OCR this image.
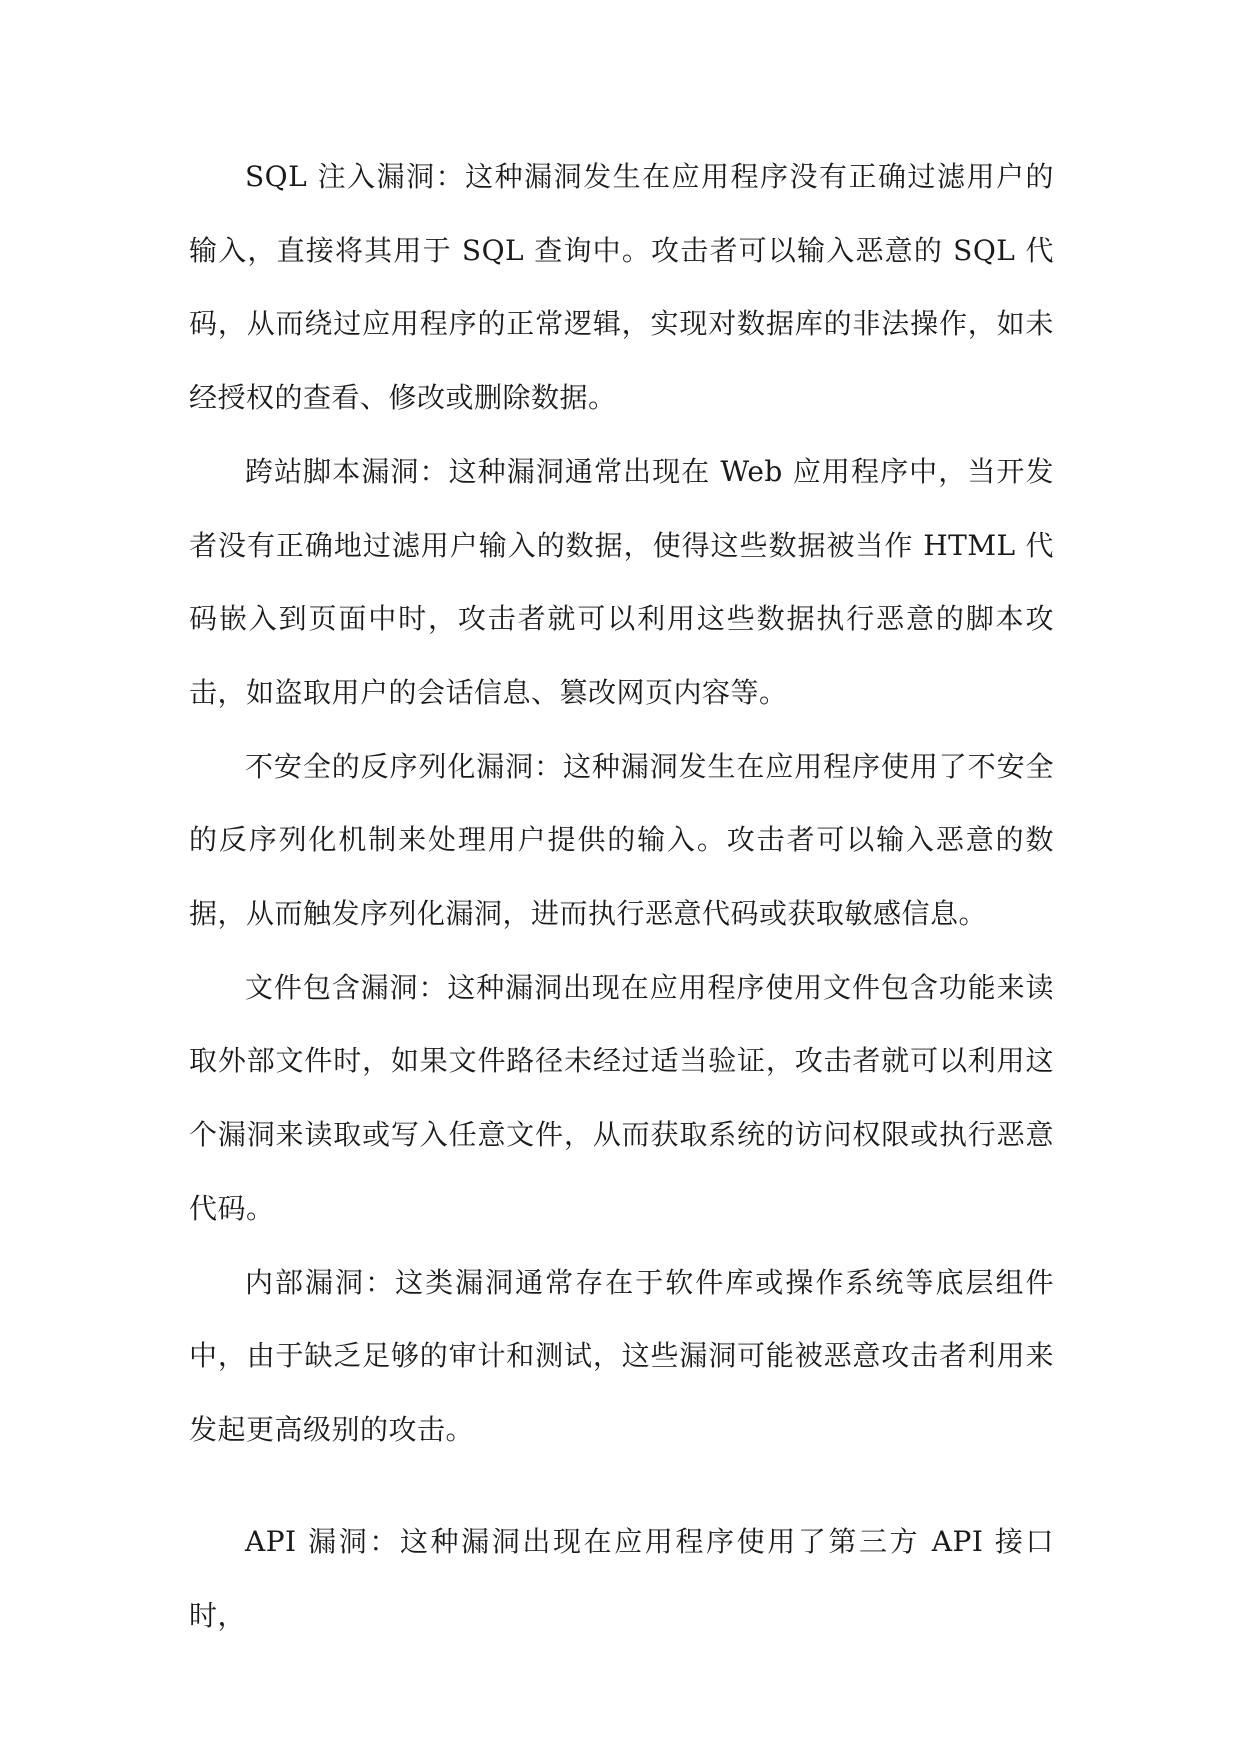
SQL 注入漏洞：这种漏洞发生在应用程序没有正确过滤用户的输入，直接将其用于 SQL 查询中。攻击者可以输入恶意的 SQL 代码，从而绕过应用程序的正常逻辑，实现对数据库的非法操作，如未经授权的查看、修改或删除数据。

跨站脚本漏洞：这种漏洞通常出现在 Web 应用程序中，当开发者没有正确地过滤用户输入的数据，使得这些数据被当作 HTML 代码嵌入到页面中时，攻击者就可以利用这些数据执行恶意的脚本攻击，如盗取用户的会话信息、篡改网页内容等。

不安全的反序列化漏洞：这种漏洞发生在应用程序使用了不安全的反序列化机制来处理用户提供的输入。攻击者可以输入恶意的数据，从而触发序列化漏洞，进而执行恶意代码或获取敏感信息。

文件包含漏洞：这种漏洞出现在应用程序使用文件包含功能来读取外部文件时，如果文件路径未经过适当验证，攻击者就可以利用这个漏洞来读取或写入任意文件，从而获取系统的访问权限或执行恶意代码。

内部漏洞：这类漏洞通常存在于软件库或操作系统等底层组件中，由于缺乏足够的审计和测试，这些漏洞可能被恶意攻击者利用来发起更高级别的攻击。

API 漏洞：这种漏洞出现在应用程序使用了第三方 API 接口时，
